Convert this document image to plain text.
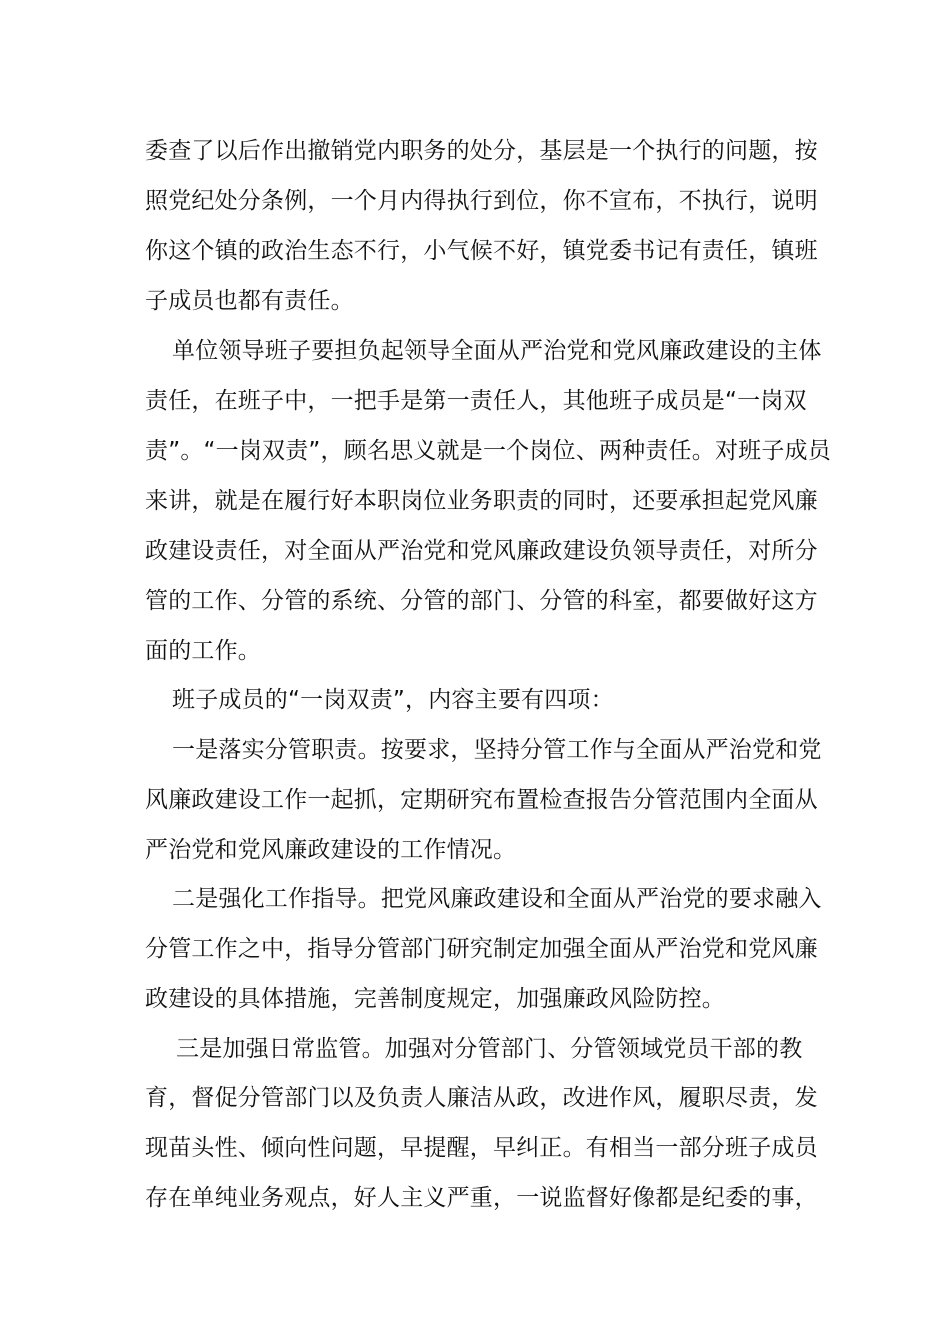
委查了以后作出撤销党内职务的处分，基层是一个执行的问题，按
照党纪处分条例，一个月内得执行到位，你不宣布，不执行，说明
你这个镇的政治生态不行，小气候不好，镇党委书记有责任，镇班
子成员也都有责任。
单位领导班子要担负起领导全面从严治党和党风廉政建设的主体
责任，在班子中，一把手是第一责任人，其他班子成员是“一岗双
责”。“一岗双责”，顾名思义就是一个岗位、两种责任。对班子成员
来讲，就是在履行好本职岗位业务职责的同时，还要承担起党风廉
政建设责任，对全面从严治党和党风廉政建设负领导责任，对所分
管的工作、分管的系统、分管的部门、分管的科室，都要做好这方
面的工作。
班子成员的“一岗双责”，内容主要有四项：
一是落实分管职责。按要求，坚持分管工作与全面从严治党和党
风廉政建设工作一起抓，定期研究布置检查报告分管范围内全面从
严治党和党风廉政建设的工作情况。
二是强化工作指导。把党风廉政建设和全面从严治党的要求融入
分管工作之中，指导分管部门研究制定加强全面从严治党和党风廉
政建设的具体措施，完善制度规定，加强廉政风险防控。
三是加强日常监管。加强对分管部门、分管领域党员干部的教
育，督促分管部门以及负责人廉洁从政，改进作风，履职尽责，发
现苗头性、倾向性问题，早提醒，早纠正。有相当一部分班子成员
存在单纯业务观点，好人主义严重，一说监督好像都是纪委的事，
